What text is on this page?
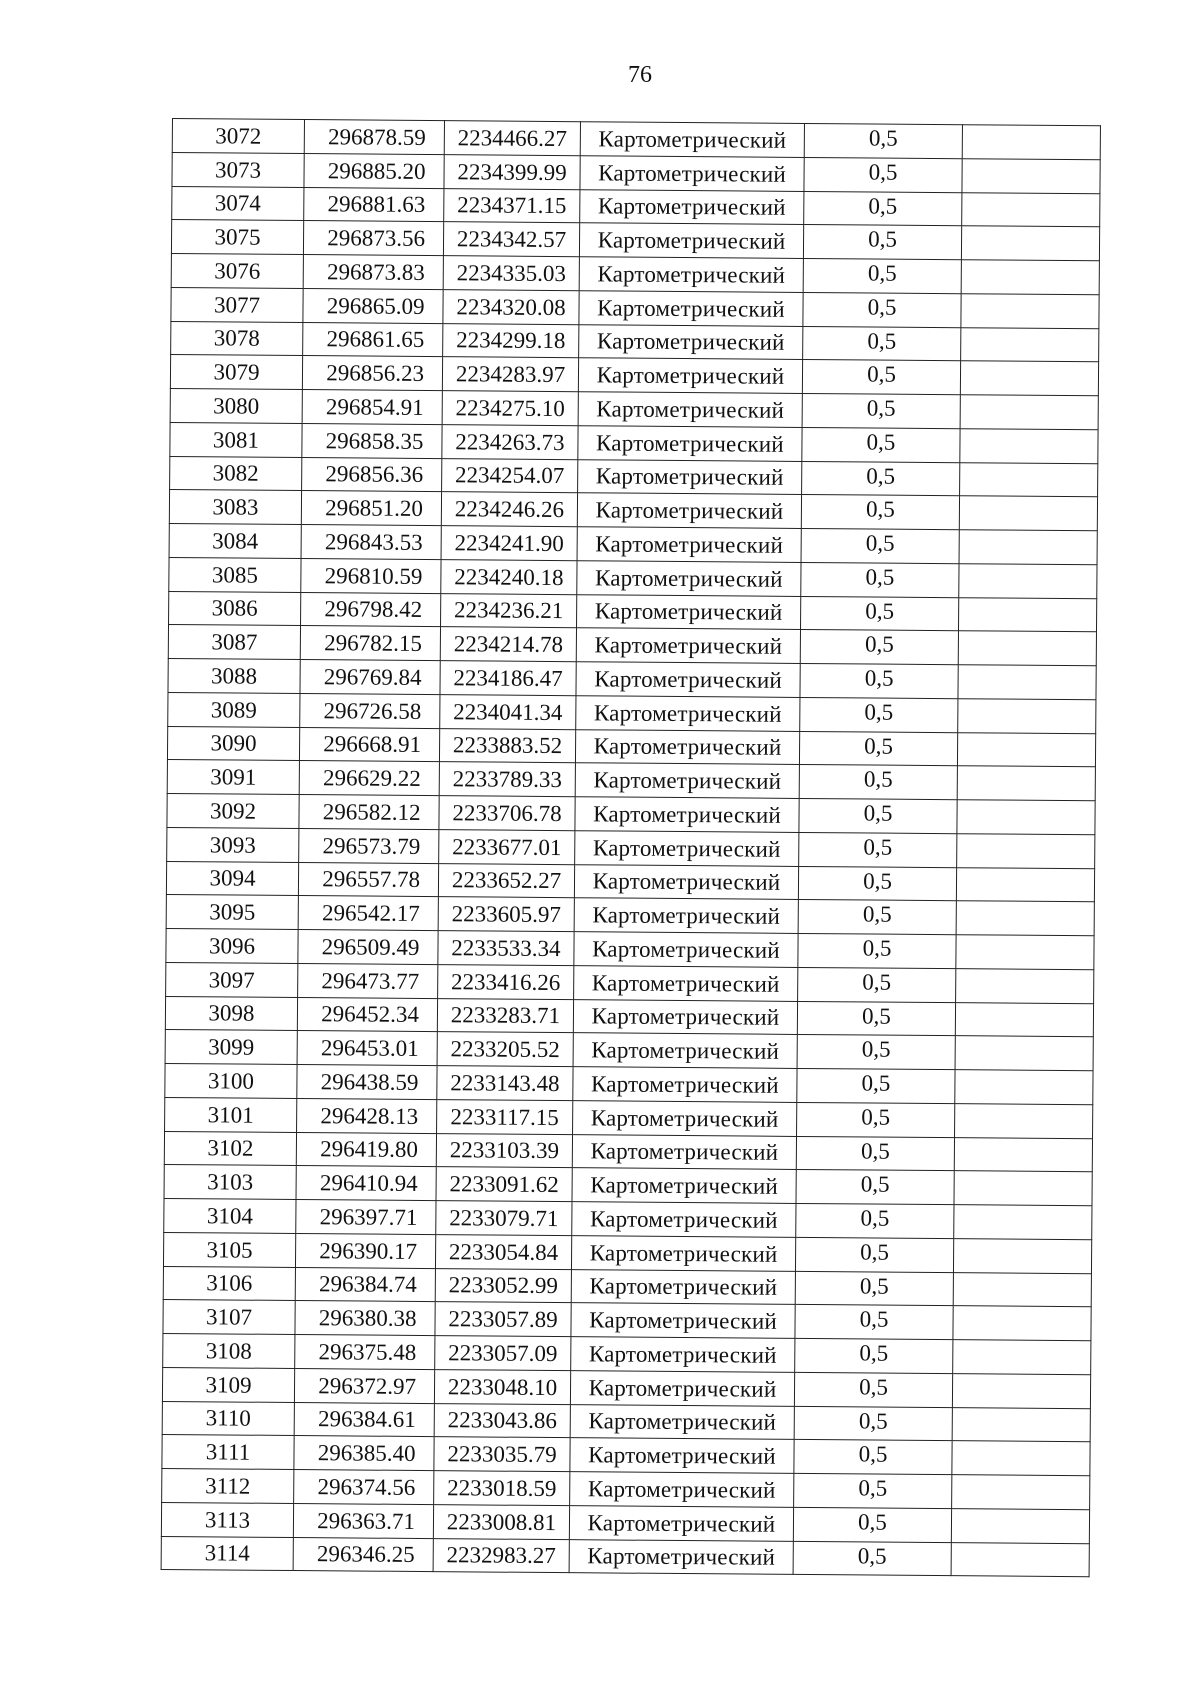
76
3072	296878.59	2234466.27	Картометрический	0,5	
3073	296885.20	2234399.99	Картометрический	0,5	
3074	296881.63	2234371.15	Картометрический	0,5	
3075	296873.56	2234342.57	Картометрический	0,5	
3076	296873.83	2234335.03	Картометрический	0,5	
3077	296865.09	2234320.08	Картометрический	0,5	
3078	296861.65	2234299.18	Картометрический	0,5	
3079	296856.23	2234283.97	Картометрический	0,5	
3080	296854.91	2234275.10	Картометрический	0,5	
3081	296858.35	2234263.73	Картометрический	0,5	
3082	296856.36	2234254.07	Картометрический	0,5	
3083	296851.20	2234246.26	Картометрический	0,5	
3084	296843.53	2234241.90	Картометрический	0,5	
3085	296810.59	2234240.18	Картометрический	0,5	
3086	296798.42	2234236.21	Картометрический	0,5	
3087	296782.15	2234214.78	Картометрический	0,5	
3088	296769.84	2234186.47	Картометрический	0,5	
3089	296726.58	2234041.34	Картометрический	0,5	
3090	296668.91	2233883.52	Картометрический	0,5	
3091	296629.22	2233789.33	Картометрический	0,5	
3092	296582.12	2233706.78	Картометрический	0,5	
3093	296573.79	2233677.01	Картометрический	0,5	
3094	296557.78	2233652.27	Картометрический	0,5	
3095	296542.17	2233605.97	Картометрический	0,5	
3096	296509.49	2233533.34	Картометрический	0,5	
3097	296473.77	2233416.26	Картометрический	0,5	
3098	296452.34	2233283.71	Картометрический	0,5	
3099	296453.01	2233205.52	Картометрический	0,5	
3100	296438.59	2233143.48	Картометрический	0,5	
3101	296428.13	2233117.15	Картометрический	0,5	
3102	296419.80	2233103.39	Картометрический	0,5	
3103	296410.94	2233091.62	Картометрический	0,5	
3104	296397.71	2233079.71	Картометрический	0,5	
3105	296390.17	2233054.84	Картометрический	0,5	
3106	296384.74	2233052.99	Картометрический	0,5	
3107	296380.38	2233057.89	Картометрический	0,5	
3108	296375.48	2233057.09	Картометрический	0,5	
3109	296372.97	2233048.10	Картометрический	0,5	
3110	296384.61	2233043.86	Картометрический	0,5	
3111	296385.40	2233035.79	Картометрический	0,5	
3112	296374.56	2233018.59	Картометрический	0,5	
3113	296363.71	2233008.81	Картометрический	0,5	
3114	296346.25	2232983.27	Картометрический	0,5	
